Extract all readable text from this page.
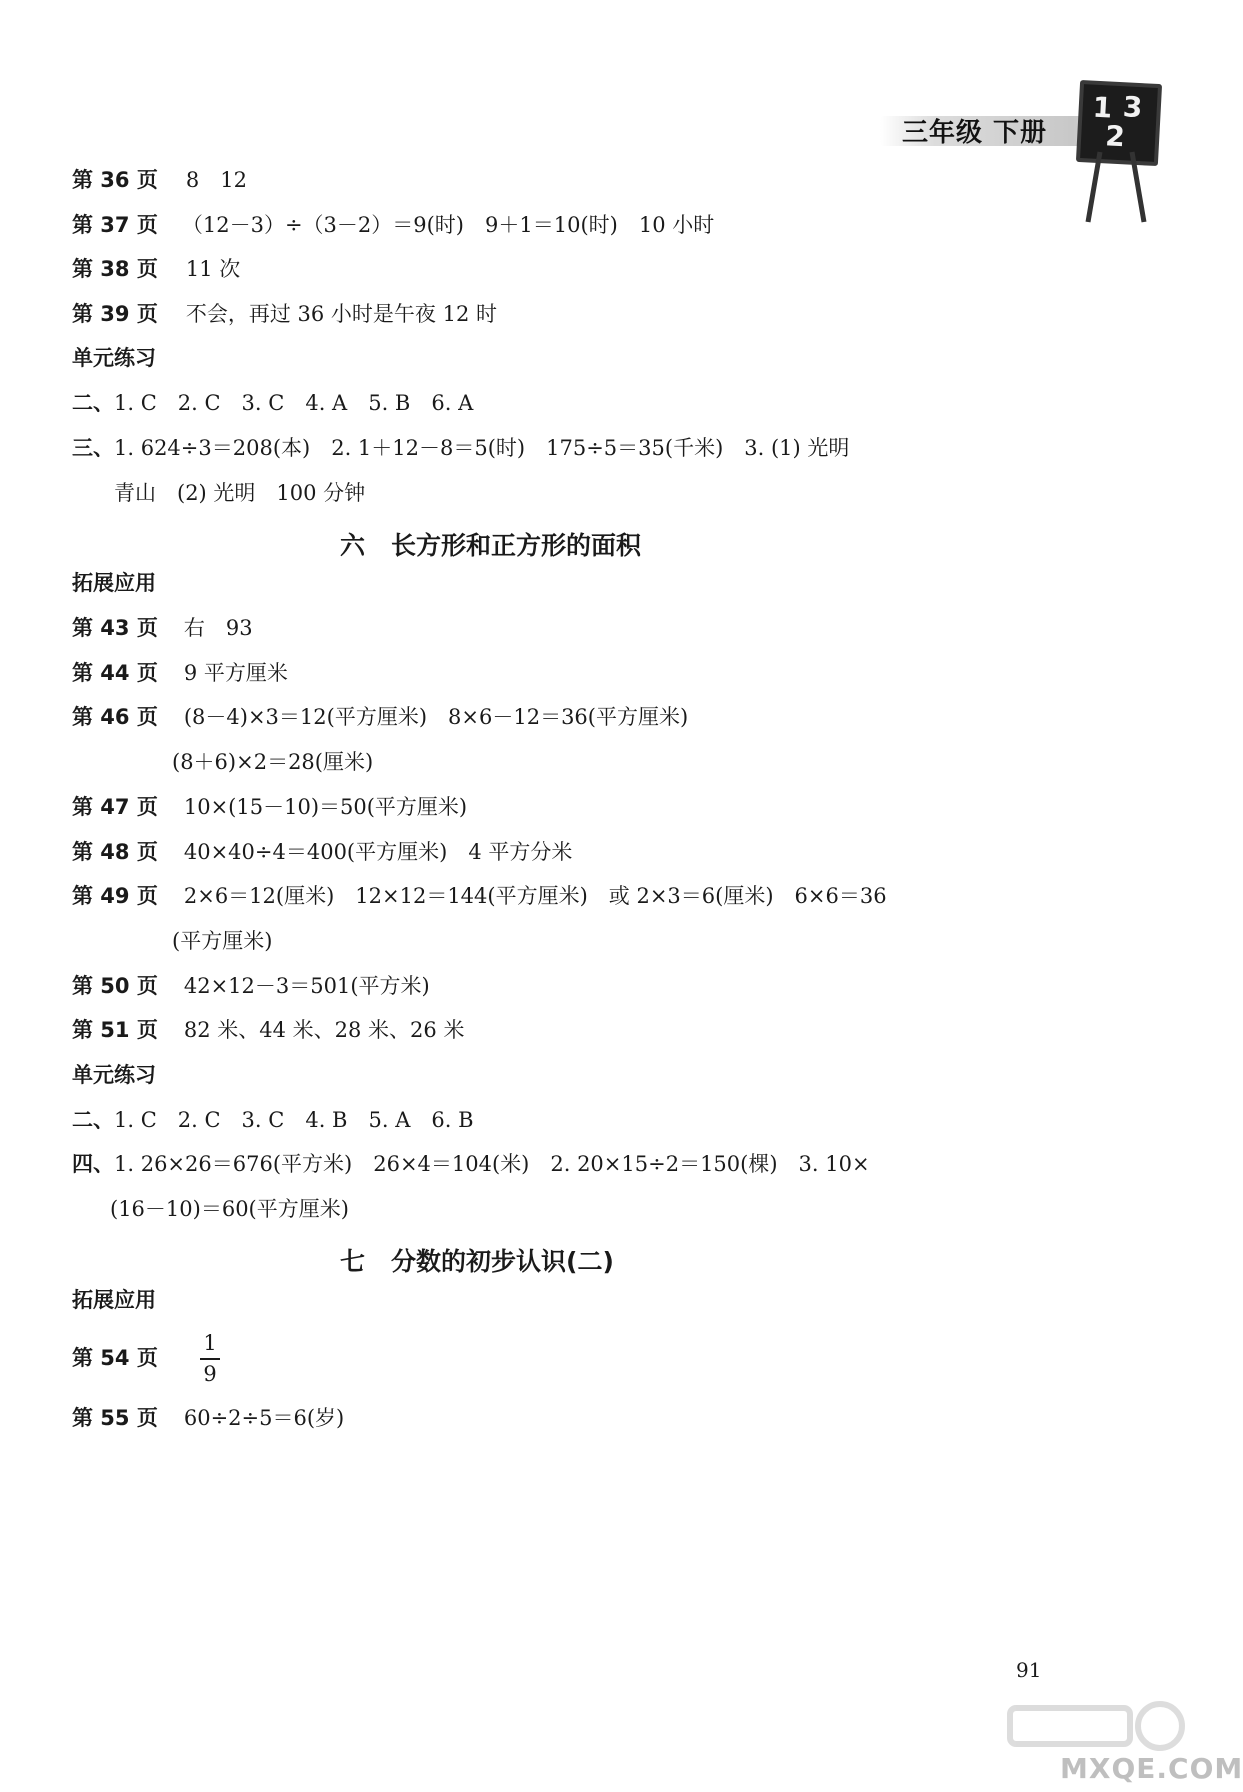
三年级 下册
1 3
2
第 36 页 8　12
第 37 页 （12－3）÷（3－2）＝9(时)　9＋1＝10(时)　10 小时
第 38 页 11 次
第 39 页 不会，再过 36 小时是午夜 12 时
单元练习
二、1. C　2. C　3. C　4. A　5. B　6. A
三、1. 624÷3＝208(本)　2. 1＋12－8＝5(时)　175÷5＝35(千米)　3. (1) 光明
青山　(2) 光明　100 分钟
六 长方形和正方形的面积
拓展应用
第 43 页 右　93
第 44 页 9 平方厘米
第 46 页 (8－4)×3＝12(平方厘米)　8×6－12＝36(平方厘米)
(8＋6)×2＝28(厘米)
第 47 页 10×(15－10)＝50(平方厘米)
第 48 页 40×40÷4＝400(平方厘米)　4 平方分米
第 49 页 2×6＝12(厘米)　12×12＝144(平方厘米)　或 2×3＝6(厘米)　6×6＝36
(平方厘米)
第 50 页 42×12－3＝501(平方米)
第 51 页 82 米、44 米、28 米、26 米
单元练习
二、1. C　2. C　3. C　4. B　5. A　6. B
四、1. 26×26＝676(平方米)　26×4＝104(米)　2. 20×15÷2＝150(棵)　3. 10×
(16－10)＝60(平方厘米)
七 分数的初步认识(二)
拓展应用
第 54 页 $\frac{1}{9}$
第 55 页 60÷2÷5＝6(岁)
91
MXQE.COM
